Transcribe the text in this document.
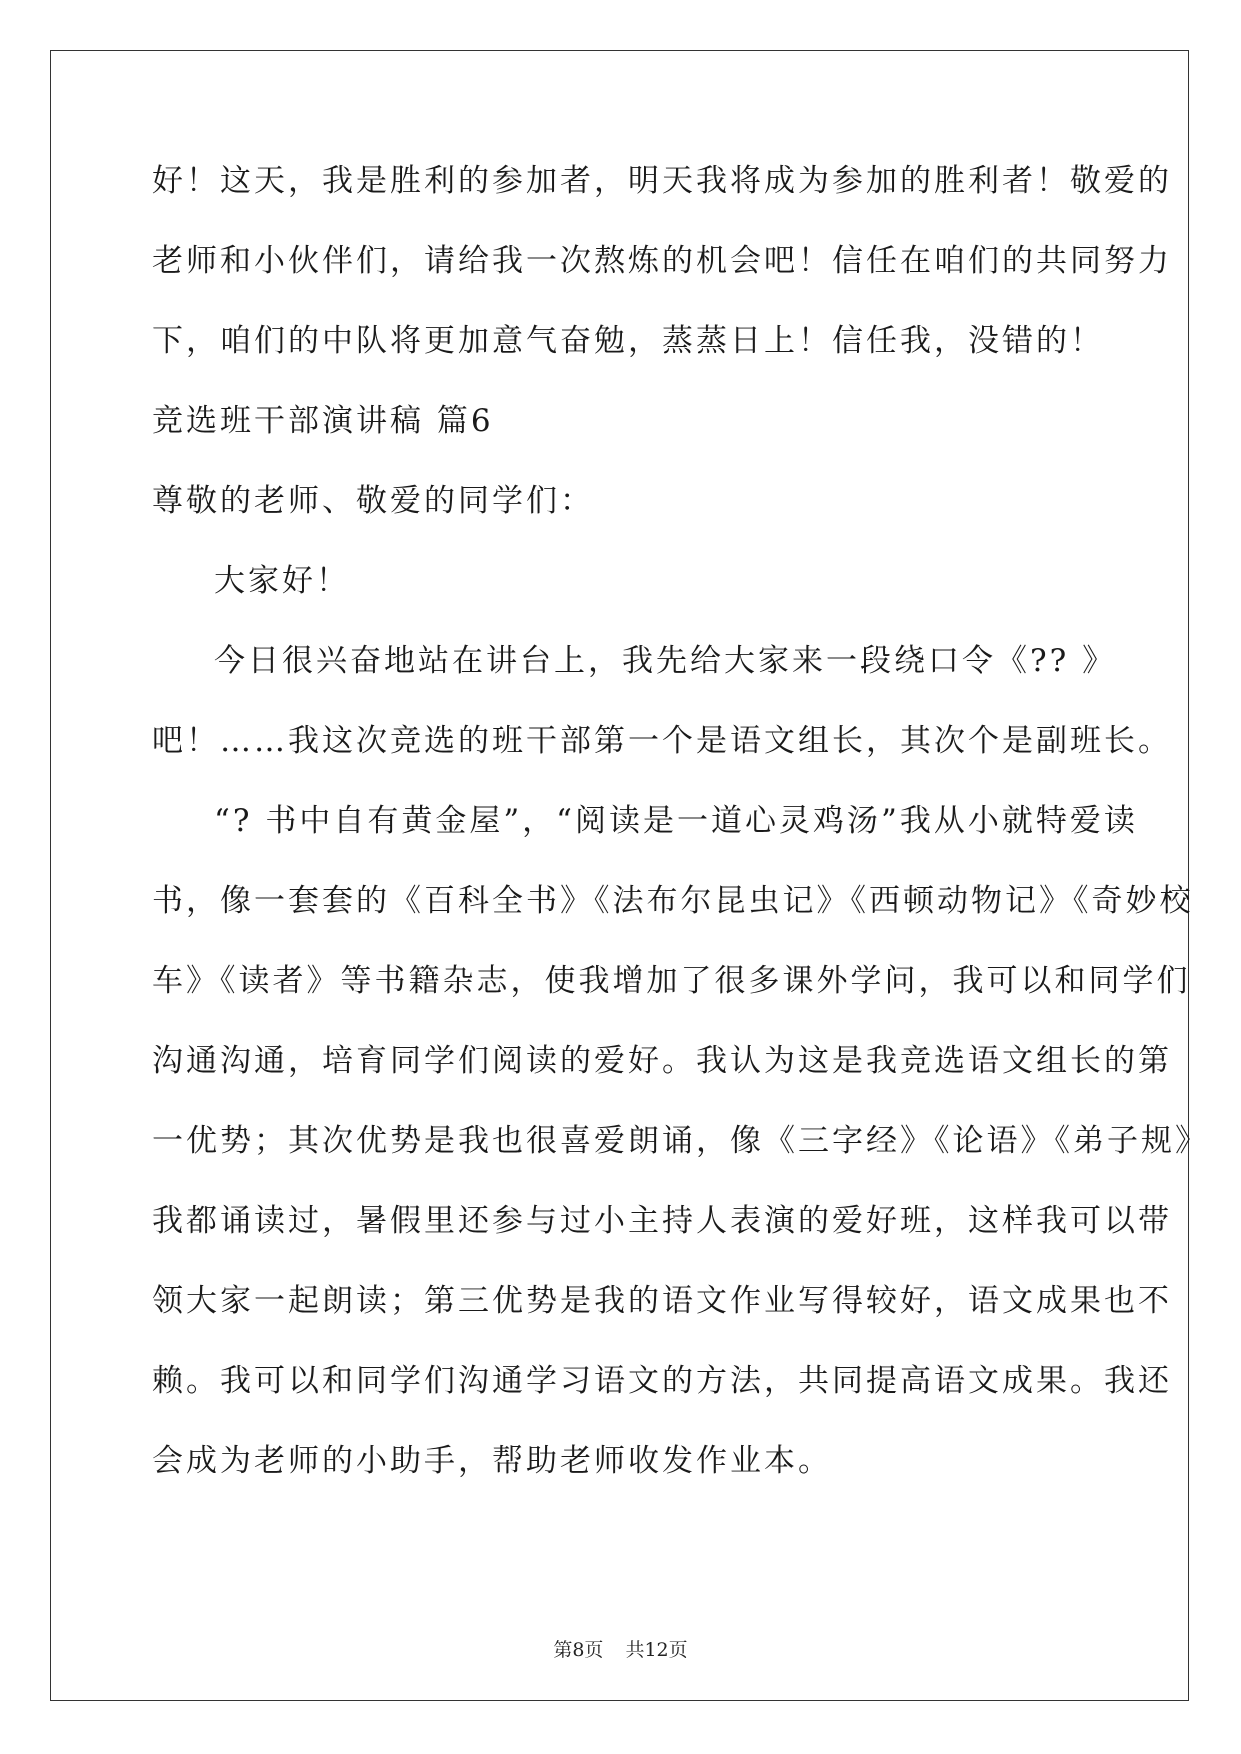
好！这天，我是胜利的参加者，明天我将成为参加的胜利者！敬爱的
老师和小伙伴们，请给我一次熬炼的机会吧！信任在咱们的共同努力
下，咱们的中队将更加意气奋勉，蒸蒸日上！信任我，没错的！
竞选班干部演讲稿 篇6
尊敬的老师、敬爱的同学们：
大家好！
今日很兴奋地站在讲台上，我先给大家来一段绕口令《?? 》
吧！……我这次竞选的班干部第一个是语文组长，其次个是副班长。
“? 书中自有黄金屋”，“阅读是一道心灵鸡汤”我从小就特爱读
书，像一套套的《百科全书》《法布尔昆虫记》《西顿动物记》《奇妙校
车》《读者》等书籍杂志，使我增加了很多课外学问，我可以和同学们
沟通沟通，培育同学们阅读的爱好。我认为这是我竞选语文组长的第
一优势；其次优势是我也很喜爱朗诵，像《三字经》《论语》《弟子规》
我都诵读过，暑假里还参与过小主持人表演的爱好班，这样我可以带
领大家一起朗读；第三优势是我的语文作业写得较好，语文成果也不
赖。我可以和同学们沟通学习语文的方法，共同提高语文成果。我还
会成为老师的小助手，帮助老师收发作业本。
第8页 共12页
